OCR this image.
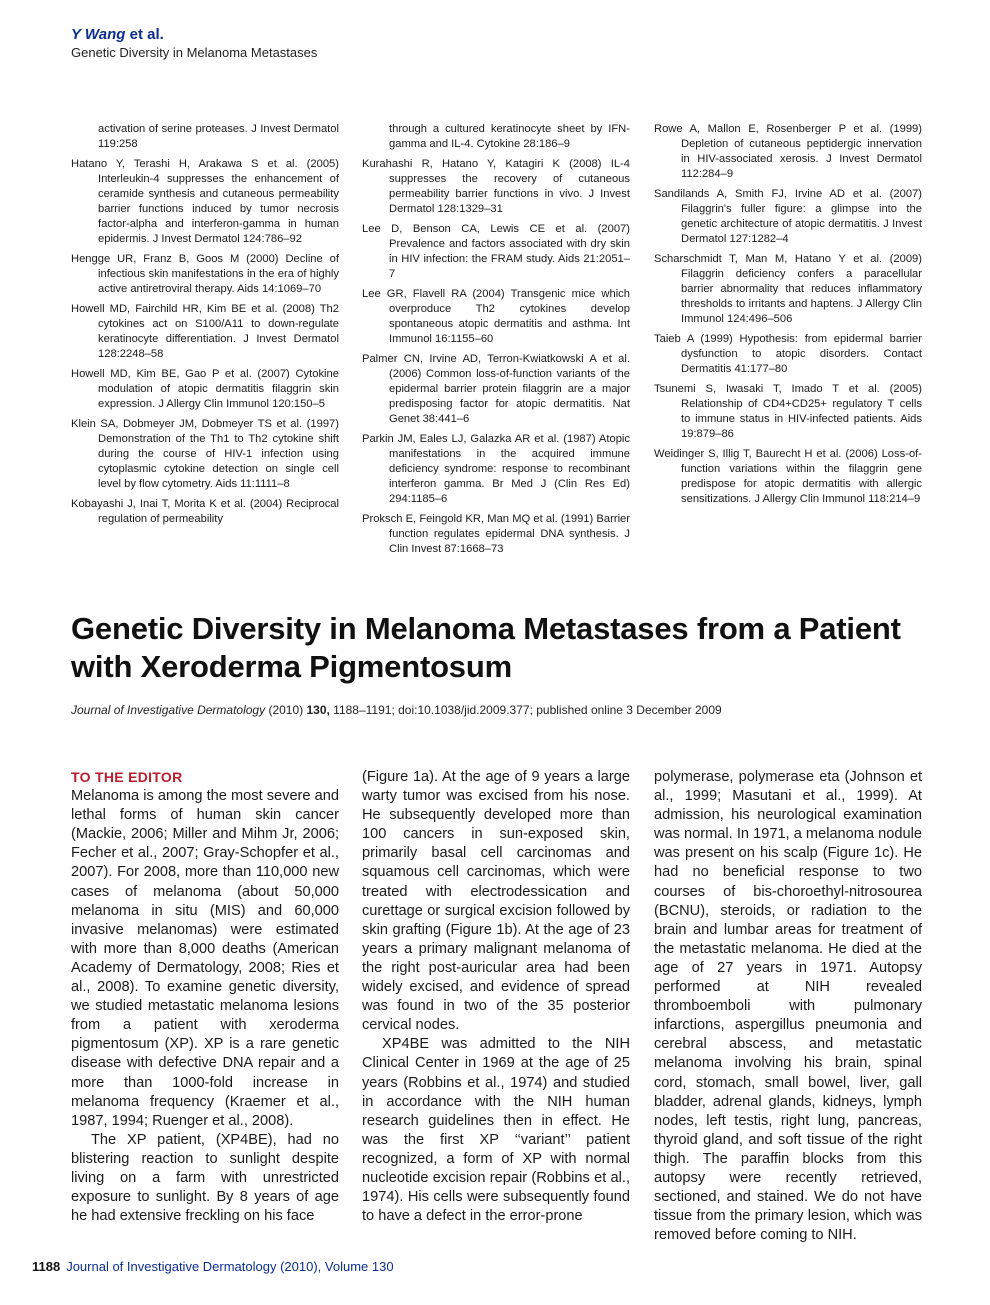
Y Wang et al.
Genetic Diversity in Melanoma Metastases

activation of serine proteases. J Invest Dermatol 119:258

Hatano Y, Terashi H, Arakawa S et al. (2005) Interleukin-4 suppresses the enhancement of ceramide synthesis and cutaneous permeability barrier functions induced by tumor necrosis factor-alpha and interferon-gamma in human epidermis. J Invest Dermatol 124:786–92

Hengge UR, Franz B, Goos M (2000) Decline of infectious skin manifestations in the era of highly active antiretroviral therapy. Aids 14:1069–70

Howell MD, Fairchild HR, Kim BE et al. (2008) Th2 cytokines act on S100/A11 to down-regulate keratinocyte differentiation. J Invest Dermatol 128:2248–58

Howell MD, Kim BE, Gao P et al. (2007) Cytokine modulation of atopic dermatitis filaggrin skin expression. J Allergy Clin Immunol 120:150–5

Klein SA, Dobmeyer JM, Dobmeyer TS et al. (1997) Demonstration of the Th1 to Th2 cytokine shift during the course of HIV-1 infection using cytoplasmic cytokine detection on single cell level by flow cytometry. Aids 11:1111–8

Kobayashi J, Inai T, Morita K et al. (2004) Reciprocal regulation of permeability

through a cultured keratinocyte sheet by IFN-gamma and IL-4. Cytokine 28:186–9

Kurahashi R, Hatano Y, Katagiri K (2008) IL-4 suppresses the recovery of cutaneous permeability barrier functions in vivo. J Invest Dermatol 128:1329–31

Lee D, Benson CA, Lewis CE et al. (2007) Prevalence and factors associated with dry skin in HIV infection: the FRAM study. Aids 21:2051–7

Lee GR, Flavell RA (2004) Transgenic mice which overproduce Th2 cytokines develop spontaneous atopic dermatitis and asthma. Int Immunol 16:1155–60

Palmer CN, Irvine AD, Terron-Kwiatkowski A et al. (2006) Common loss-of-function variants of the epidermal barrier protein filaggrin are a major predisposing factor for atopic dermatitis. Nat Genet 38:441–6

Parkin JM, Eales LJ, Galazka AR et al. (1987) Atopic manifestations in the acquired immune deficiency syndrome: response to recombinant interferon gamma. Br Med J (Clin Res Ed) 294:1185–6

Proksch E, Feingold KR, Man MQ et al. (1991) Barrier function regulates epidermal DNA synthesis. J Clin Invest 87:1668–73

Rowe A, Mallon E, Rosenberger P et al. (1999) Depletion of cutaneous peptidergic innervation in HIV-associated xerosis. J Invest Dermatol 112:284–9

Sandilands A, Smith FJ, Irvine AD et al. (2007) Filaggrin's fuller figure: a glimpse into the genetic architecture of atopic dermatitis. J Invest Dermatol 127:1282–4

Scharschmidt T, Man M, Hatano Y et al. (2009) Filaggrin deficiency confers a paracellular barrier abnormality that reduces inflammatory thresholds to irritants and haptens. J Allergy Clin Immunol 124:496–506

Taieb A (1999) Hypothesis: from epidermal barrier dysfunction to atopic disorders. Contact Dermatitis 41:177–80

Tsunemi S, Iwasaki T, Imado T et al. (2005) Relationship of CD4+CD25+ regulatory T cells to immune status in HIV-infected patients. Aids 19:879–86

Weidinger S, Illig T, Baurecht H et al. (2006) Loss-of-function variations within the filaggrin gene predispose for atopic dermatitis with allergic sensitizations. J Allergy Clin Immunol 118:214–9

Genetic Diversity in Melanoma Metastases from a Patient with Xeroderma Pigmentosum
Journal of Investigative Dermatology (2010) 130, 1188–1191; doi:10.1038/jid.2009.377; published online 3 December 2009
TO THE EDITOR

Melanoma is among the most severe and lethal forms of human skin cancer (Mackie, 2006; Miller and Mihm Jr, 2006; Fecher et al., 2007; Gray-Schopfer et al., 2007). For 2008, more than 110,000 new cases of melanoma (about 50,000 melanoma in situ (MIS) and 60,000 invasive melanomas) were estimated with more than 8,000 deaths (American Academy of Dermatology, 2008; Ries et al., 2008). To examine genetic diversity, we studied metastatic melanoma lesions from a patient with xeroderma pigmentosum (XP). XP is a rare genetic disease with defective DNA repair and a more than 1000-fold increase in melanoma frequency (Kraemer et al., 1987, 1994; Ruenger et al., 2008).

The XP patient, (XP4BE), had no blistering reaction to sunlight despite living on a farm with unrestricted exposure to sunlight. By 8 years of age he had extensive freckling on his face

(Figure 1a). At the age of 9 years a large warty tumor was excised from his nose. He subsequently developed more than 100 cancers in sun-exposed skin, primarily basal cell carcinomas and squamous cell carcinomas, which were treated with electrodessication and curettage or surgical excision followed by skin grafting (Figure 1b). At the age of 23 years a primary malignant melanoma of the right post-auricular area had been widely excised, and evidence of spread was found in two of the 35 posterior cervical nodes.

XP4BE was admitted to the NIH Clinical Center in 1969 at the age of 25 years (Robbins et al., 1974) and studied in accordance with the NIH human research guidelines then in effect. He was the first XP ‘‘variant’’ patient recognized, a form of XP with normal nucleotide excision repair (Robbins et al., 1974). His cells were subsequently found to have a defect in the error-prone

polymerase, polymerase eta (Johnson et al., 1999; Masutani et al., 1999). At admission, his neurological examination was normal. In 1971, a melanoma nodule was present on his scalp (Figure 1c). He had no beneficial response to two courses of bis-choroethyl-nitrosourea (BCNU), steroids, or radiation to the brain and lumbar areas for treatment of the metastatic melanoma. He died at the age of 27 years in 1971. Autopsy performed at NIH revealed thromboemboli with pulmonary infarctions, aspergillus pneumonia and cerebral abscess, and metastatic melanoma involving his brain, spinal cord, stomach, small bowel, liver, gall bladder, adrenal glands, kidneys, lymph nodes, left testis, right lung, pancreas, thyroid gland, and soft tissue of the right thigh. The paraffin blocks from this autopsy were recently retrieved, sectioned, and stained. We do not have tissue from the primary lesion, which was removed before coming to NIH.

1188 Journal of Investigative Dermatology (2010), Volume 130
